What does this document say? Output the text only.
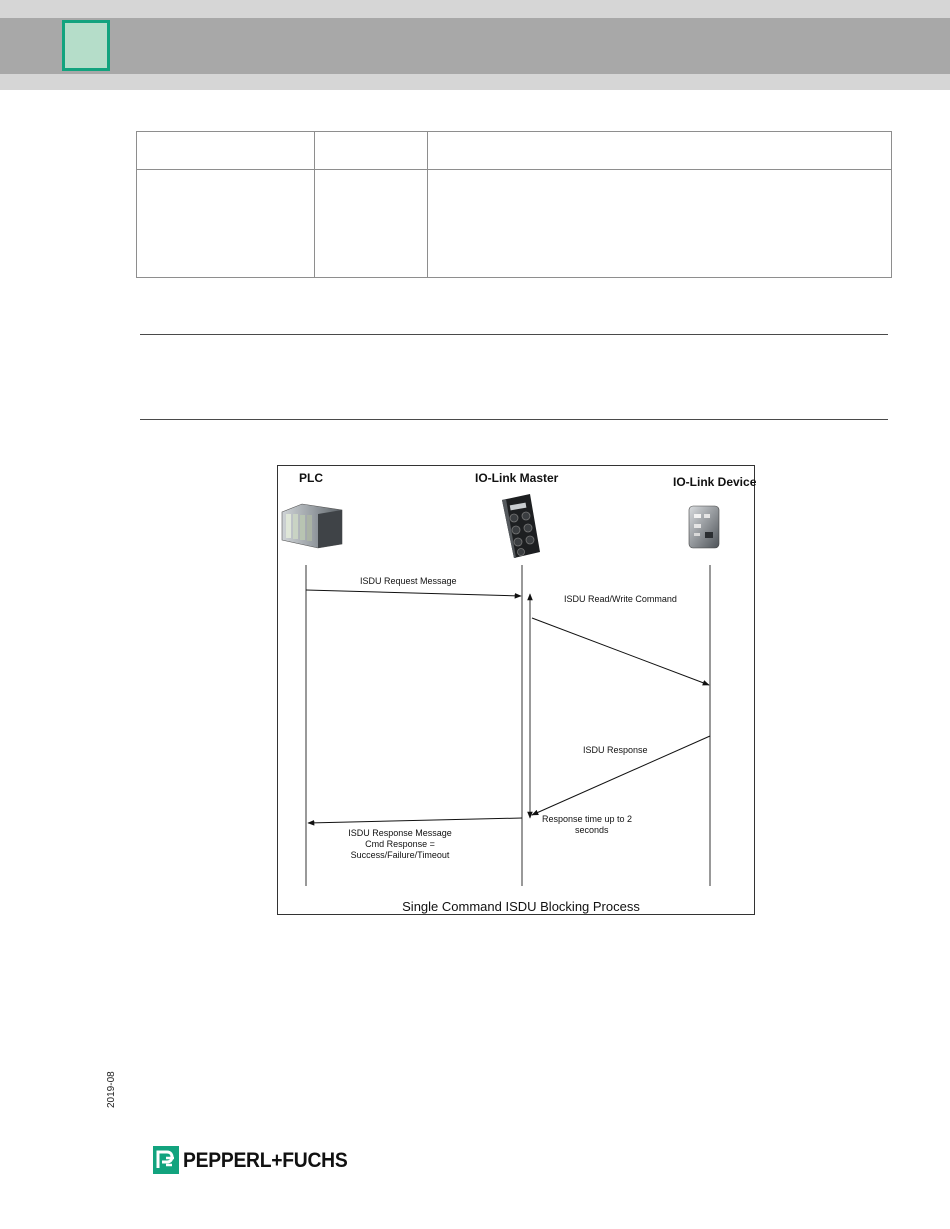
PLC	IO-Link Master	IO-Link Device
ISDU Request Message
ISDU Read/Write Command
ISDU Response
ISDU Response Message
Cmd Response =
Success/Failure/Timeout
Response time up to 2
seconds
Single Command ISDU Blocking Process
2019-08
PEPPERL+FUCHS
